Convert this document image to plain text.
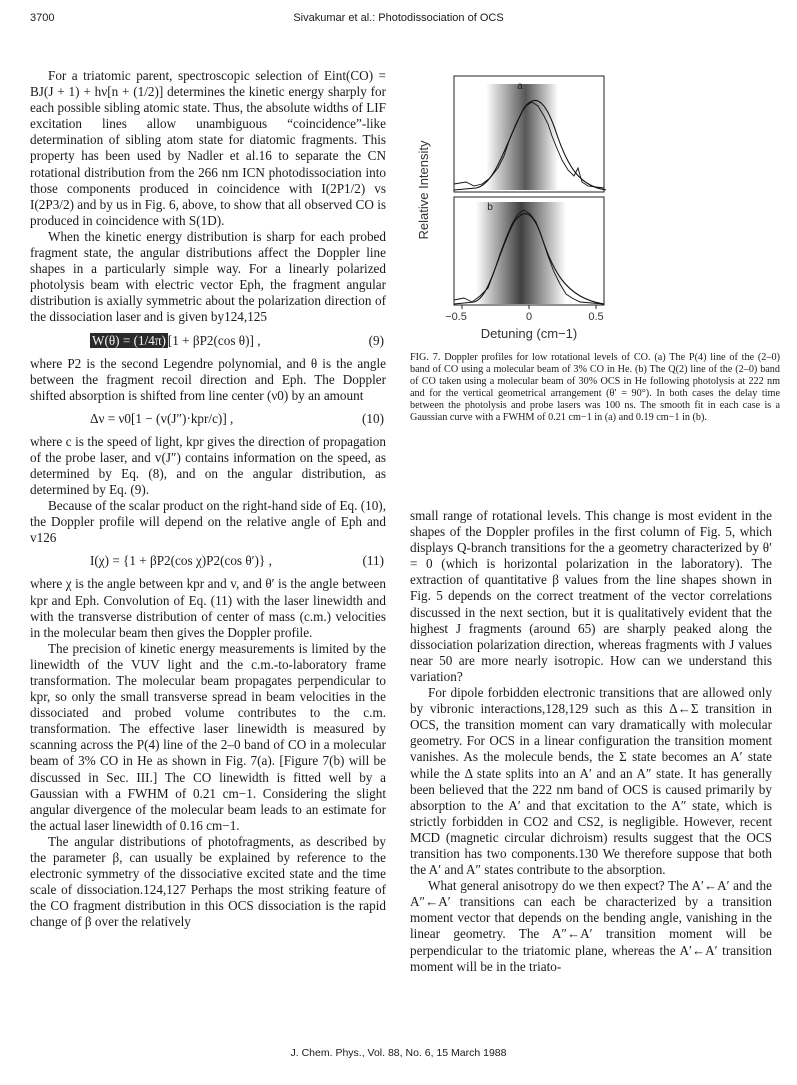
3700	Sivakumar et al.: Photodissociation of OCS

For a triatomic parent, spectroscopic selection of Eint(CO) = BJ(J + 1) + hν[n + (1/2)] determines the kinetic energy sharply for each possible sibling atomic state. Thus, the absolute widths of LIF excitation lines allow unambiguous “coincidence”-like determination of sibling atom state for diatomic fragments. This property has been used by Nadler et al.16 to separate the CN rotational distribution from the 266 nm ICN photodissociation into those components produced in coincidence with I(2P1/2) vs I(2P3/2) and by us in Fig. 6, above, to show that all observed CO is produced in coincidence with S(1D).

When the kinetic energy distribution is sharp for each probed fragment state, the angular distributions affect the Doppler line shapes in a particularly simple way. For a linearly polarized photolysis beam with electric vector Eph, the fragment angular distribution is axially symmetric about the polarization direction of the dissociation laser and is given by124,125

W(θ) = (1/4π) [1 + βP2(cos θ)] ,	(9)

where P2 is the second Legendre polynomial, and θ is the angle between the fragment recoil direction and Eph. The Doppler shifted absorption is shifted from line center (ν0) by an amount

Δν = ν0[1 − (v(J″)·kpr/c)] ,	(10)

where c is the speed of light, kpr gives the direction of propagation of the probe laser, and v(J″) contains information on the speed, as determined by Eq. (8), and on the angular distribution, as determined by Eq. (9).

Because of the scalar product on the right-hand side of Eq. (10), the Doppler profile will depend on the relative angle of Eph and v126

I(χ) = {1 + βP2(cos χ)P2(cos θ′)} ,	(11)

where χ is the angle between kpr and v, and θ′ is the angle between kpr and Eph. Convolution of Eq. (11) with the laser linewidth and with the transverse distribution of center of mass (c.m.) velocities in the molecular beam then gives the Doppler profile.

The precision of kinetic energy measurements is limited by the linewidth of the VUV light and the c.m.-to-laboratory frame transformation. The molecular beam propagates perpendicular to kpr, so only the small transverse spread in beam velocities in the dissociated and probed volume contributes to the c.m. transformation. The effective laser linewidth is measured by scanning across the P(4) line of the 2–0 band of CO in a molecular beam of 3% CO in He as shown in Fig. 7(a). [Figure 7(b) will be discussed in Sec. III.] The CO linewidth is fitted well by a Gaussian with a FWHM of 0.21 cm−1. Considering the slight angular divergence of the molecular beam leads to an estimate for the actual laser linewidth of 0.16 cm−1.

The angular distributions of photofragments, as described by the parameter β, can usually be explained by reference to the electronic symmetry of the dissociative excited state and the time scale of dissociation.124,127 Perhaps the most striking feature of the CO fragment distribution in this OCS dissociation is the rapid change of β over the relatively

Relative Intensity
a
b
−0.5	0	0.5
Detuning (cm−1)
FIG. 7. Doppler profiles for low rotational levels of CO. (a) The P(4) line of the (2–0) band of CO using a molecular beam of 3% CO in He. (b) The Q(2) line of the (2–0) band of CO taken using a molecular beam of 30% OCS in He following photolysis at 222 nm and for the vertical geometrical arrangement (θ′ = 90°). In both cases the delay time between the photolysis and probe lasers was 100 ns. The smooth fit in each case is a Gaussian curve with a FWHM of 0.21 cm−1 in (a) and 0.19 cm−1 in (b).

small range of rotational levels. This change is most evident in the shapes of the Doppler profiles in the first column of Fig. 5, which displays Q-branch transitions for the a geometry characterized by θ′ = 0 (which is horizontal polarization in the laboratory). The extraction of quantitative β values from the line shapes shown in Fig. 5 depends on the correct treatment of the vector correlations discussed in the next section, but it is qualitatively evident that the highest J fragments (around 65) are sharply peaked along the dissociation polarization direction, whereas fragments with J values near 50 are more nearly isotropic. How can we understand this variation?

For dipole forbidden electronic transitions that are allowed only by vibronic interactions,128,129 such as this Δ←Σ transition in OCS, the transition moment can vary dramatically with molecular geometry. For OCS in a linear configuration the transition moment vanishes. As the molecule bends, the Σ state becomes an A′ state while the Δ state splits into an A′ and an A″ state. It has generally been believed that the 222 nm band of OCS is caused primarily by absorption to the A′ and that excitation to the A″ state, which is strictly forbidden in CO2 and CS2, is negligible. However, recent MCD (magnetic circular dichroism) results suggest that the OCS transition has two components.130 We therefore suppose that both the A′ and A″ states contribute to the absorption.

What general anisotropy do we then expect? The A′←A′ and the A″←A′ transitions can each be characterized by a transition moment vector that depends on the bending angle, vanishing in the linear geometry. The A″←A′ transition moment will be perpendicular to the triatomic plane, whereas the A′←A′ transition moment will be in the triato-

J. Chem. Phys., Vol. 88, No. 6, 15 March 1988
